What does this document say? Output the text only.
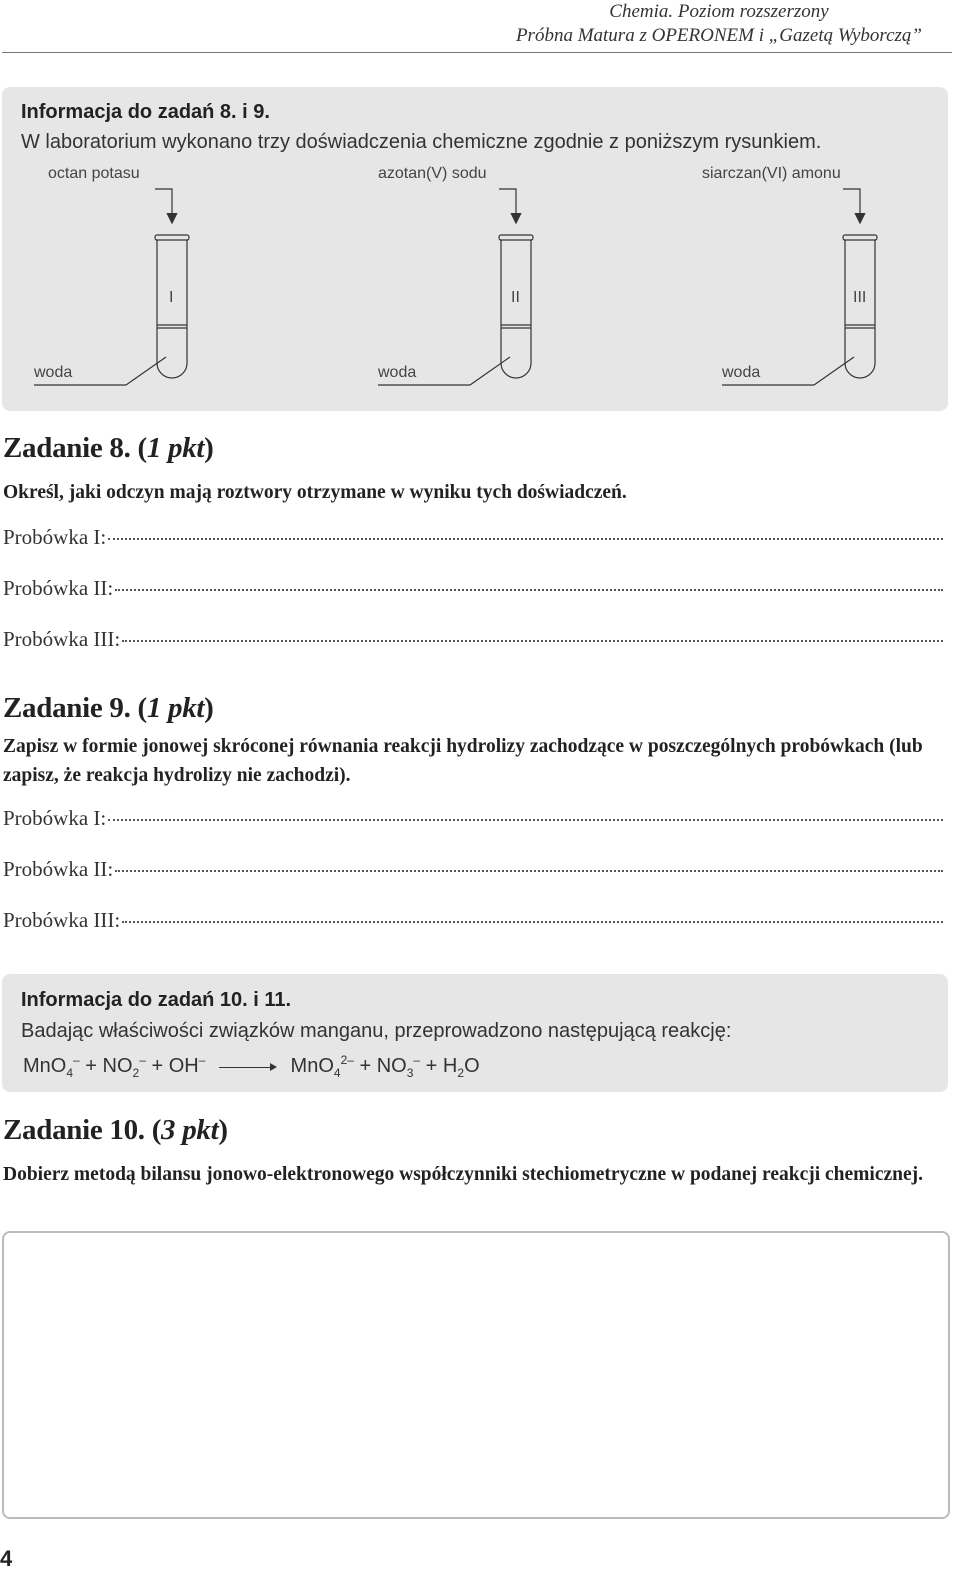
Chemia. Poziom rozszerzony
Próbna Matura z OPERONEM i „Gazetą Wyborczą”
Informacja do zadań 8. i 9.
W laboratorium wykonano trzy doświadczenia chemiczne zgodnie z poniższym rysunkiem.
octan potasu	azotan(V) sodu	siarczan(VI) amonu
I	II	III
woda	woda	woda
Zadanie 8. (1 pkt)
Określ, jaki odczyn mają roztwory otrzymane w wyniku tych doświadczeń.
Probówka I:
Probówka II:
Probówka III:
Zadanie 9. (1 pkt)
Zapisz w formie jonowej skróconej równania reakcji hydrolizy zachodzące w poszczególnych probówkach (lub zapisz, że reakcja hydrolizy nie zachodzi).
Probówka I:
Probówka II:
Probówka III:
Informacja do zadań 10. i 11.
Badając właściwości związków manganu, przeprowadzono następującą reakcję:
$MnO_4^- + NO_2^- + OH^-$	$MnO_4^{2-} + NO_3^- + H_2O$
Zadanie 10. (3 pkt)
Dobierz metodą bilansu jonowo-elektronowego współczynniki stechiometryczne w podanej reakcji chemicznej.
4
